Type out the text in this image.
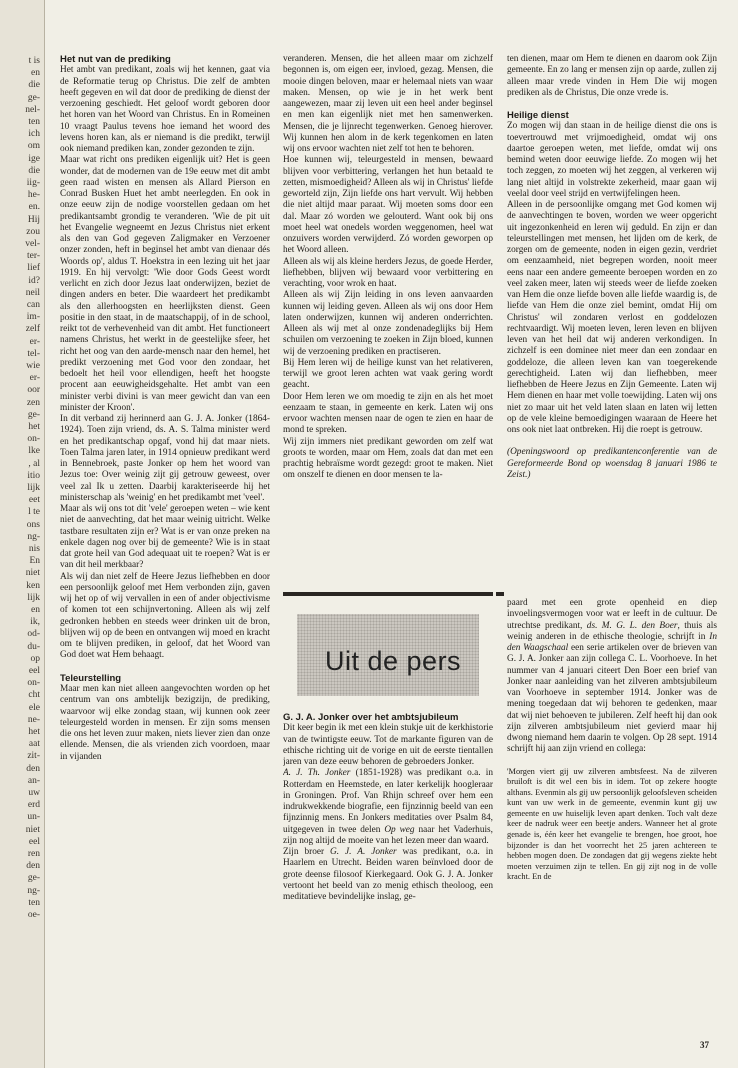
t is
en
die
ge-
nel-
ten
ich
om
ige
die
iig-
he-
en.
Hij
zou
vel-
ter-
lief
id?
neil
can
im-
zelf
er-
tel-
wie
er-
oor
zen
ge-
het
on-
lke
, al
itio
lijk
eet
l te
ons
ng-
nis
En
niet
ken
lijk
en
ik,
od-
du-
op
eel
on-
cht
ele
ne-
het
aat
zit-
den
an-
uw
erd
un-
niet
eel
ren
den
ge-
ng-
ten
oe-
Het nut van de prediking

Het ambt van predikant, zoals wij het kennen, gaat via de Reformatie terug op Christus. Die zelf de ambten heeft gegeven en wil dat door de prediking de dienst der verzoening geschiedt. Het geloof wordt geboren door het horen van het Woord van Christus. En in Romeinen 10 vraagt Paulus tevens hoe iemand het woord des levens horen kan, als er niemand is die predikt, terwijl ook niemand prediken kan, zonder gezonden te zijn.

Maar wat richt ons prediken eigenlijk uit? Het is geen wonder, dat de modernen van de 19e eeuw met dit ambt geen raad wisten en mensen als Allard Pierson en Conrad Busken Huet het ambt neerlegden. En ook in onze eeuw zijn de nodige voorstellen gedaan om het predikantsambt grondig te veranderen. 'Wie de pit uit het Evangelie wegneemt en Jezus Christus niet erkent als den van God gegeven Zaligmaker en Verzoener onzer zonden, heft in beginsel het ambt van dienaar dés Woords op', aldus T. Hoekstra in een lezing uit het jaar 1919. En hij vervolgt: 'Wie door Gods Geest wordt verlicht en zich door Jezus laat onderwijzen, beziet de dingen anders en beter. Die waardeert het predikambt als den allerhoogsten en heerlijksten dienst. Geen positie in den staat, in de maatschappij, of in de school, reikt tot de verhevenheid van dit ambt. Het functioneert namens Christus, het werkt in de geestelijke sfeer, het richt het oog van den aarde-mensch naar den hemel, het predikt verzoening met God voor den zondaar, het bedoelt het heil voor ellendigen, heeft het hoogste procent aan eeuwigheidsgehalte. Het ambt van een minister verbi divini is van meer gewicht dan van een minister der Kroon'.

In dit verband zij herinnerd aan G. J. A. Jonker (1864-1924). Toen zijn vriend, ds. A. S. Talma minister werd en het predikantschap opgaf, vond hij dat maar niets. Toen Talma jaren later, in 1914 opnieuw predikant werd in Bennebroek, paste Jonker op hem het woord van Jezus toe: Over weinig zijt gij getrouw geweest, over veel zal Ik u zetten. Daarbij karakteriseerde hij het ministerschap als 'weinig' en het predikambt met 'veel'.

Maar als wij ons tot dit 'vele' geroepen weten – wie kent niet de aanvechting, dat het maar weinig uitricht. Welke tastbare resultaten zijn er? Wat is er van onze preken na enkele dagen nog over bij de gemeente? Wie is in staat dat grote heil van God adequaat uit te roepen? Wat is er van dit heil merkbaar?

Als wij dan niet zelf de Heere Jezus liefhebben en door een persoonlijk geloof met Hem verbonden zijn, gaven wij het op of wij vervallen in een of ander objectivisme of komen tot een schijnvertoning. Alleen als wij zelf gedronken hebben en steeds weer drinken uit de bron, blijven wij op de been en ontvangen wij moed en kracht om te blijven prediken, in geloof, dat het Woord van God doet wat Hem behaagt.

Teleurstelling

Maar men kan niet alleen aangevochten worden op het centrum van ons ambtelijk bezigzijn, de prediking, waarvoor wij elke zondag staan, wij kunnen ook zeer teleurgesteld worden in mensen. Er zijn soms mensen die ons het leven zuur maken, niets liever zien dan onze ellende. Mensen, die als vrienden zich voordoen, maar in vijanden

veranderen. Mensen, die het alleen maar om zichzelf begonnen is, om eigen eer, invloed, gezag. Mensen, die mooie dingen beloven, maar er helemaal niets van waar maken. Mensen, op wie je in het werk bent aangewezen, maar zij leven uit een heel ander beginsel en men kan eigenlijk niet met hen samenwerken. Mensen, die je lijnrecht tegenwerken. Genoeg hierover. Wij kunnen hen alom in de kerk tegenkomen en laten wij ons ervoor wachten niet zelf tot hen te behoren.

Hoe kunnen wij, teleurgesteld in mensen, bewaard blijven voor verbittering, verlangen het hun betaald te zetten, mismoedigheid? Alleen als wij in Christus' liefde geworteld zijn, Zijn liefde ons hart vervult. Wij hebben die niet altijd maar paraat. Wij moeten soms door een dal. Maar zó worden we gelouterd. Want ook bij ons moet heel wat onedels worden weggenomen, heel wat onzuivers worden verwijderd. Zó worden geworpen op het Woord alleen.

Alleen als wij als kleine herders Jezus, de goede Herder, liefhebben, blijven wij bewaard voor verbittering en verachting, voor wrok en haat.

Alleen als wij Zijn leiding in ons leven aanvaarden kunnen wij leiding geven. Alleen als wij ons door Hem laten onderwijzen, kunnen wij anderen onderrichten. Alleen als wij met al onze zondenadeglijks bij Hem schuilen om verzoening te zoeken in Zijn bloed, kunnen wij de verzoening prediken en practiseren.

Bij Hem leren wij de heilige kunst van het relativeren, terwijl we groot leren achten wat vaak gering wordt geacht.

Door Hem leren we om moedig te zijn en als het moet eenzaam te staan, in gemeente en kerk. Laten wij ons ervoor wachten mensen naar de ogen te zien en haar de mond te spreken.

Wij zijn immers niet predikant geworden om zelf wat groots te worden, maar om Hem, zoals dat dan met een prachtig hebraïsme wordt gezegd: groot te maken. Niet om onszelf te dienen en door mensen te la-

ten dienen, maar om Hem te dienen en daarom ook Zijn gemeente. En zo lang er mensen zijn op aarde, zullen zij alleen maar vrede vinden in Hem Die wij mogen prediken als de Christus, Die onze vrede is.

Heilige dienst

Zo mogen wij dan staan in de heilige dienst die ons is toevertrouwd met vrijmoedigheid, omdat wij ons daartoe geroepen weten, met liefde, omdat wij ons bemind weten door eeuwige liefde. Zo mogen wij het toch zeggen, zo moeten wij het zeggen, al verkeren wij lang niet altijd in volstrekte zekerheid, maar gaan wij veelal door veel strijd en vertwijfelingen heen.

Alleen in de persoonlijke omgang met God komen wij de aanvechtingen te boven, worden we weer opgericht uit ingezonkenheid en leren wij geduld. En zijn er dan teleurstellingen met mensen, het lijden om de kerk, de zorgen om de gemeente, noden in eigen gezin, verdriet om eenzaamheid, niet begrepen worden, nooit meer eens naar een andere gemeente beroepen worden en zo veel zaken meer, laten wij steeds weer de liefde zoeken van Hem die onze liefde boven alle liefde waardig is, de liefde van Hem die onze ziel bemint, omdat Hij om Christus' wil zondaren verlost en goddelozen rechtvaardigt. Wij moeten leven, leren leven en blijven leven van het heil dat wij anderen verkondigen. In zichzelf is een domineе niet meer dan een zondaar en goddeloze, die alleen leven kan van toegerekende gerechtigheid. Laten wij dan liefhebben, meer liefhebben de Heere Jezus en Zijn Gemeente. Laten wij Hem dienen en haar met volle toewijding. Laten wij ons niet zo maar uit het veld laten slaan en laten wij letten op de vele kleine bemoedigingen waaraan de Heere het ons ook niet laat ontbreken. Hij die roept is getrouw.

(Openingswoord op predikantenconferentie van de Gereformeerde Bond op woensdag 8 januari 1986 te Zeist.)

Uit de pers
G. J. A. Jonker over het ambtsjubileum

Dit keer begin ik met een klein stukje uit de kerkhistorie van de twintigste eeuw. Tot de markante figuren van de ethische richting uit de vorige en uit de eerste tientallen jaren van deze eeuw behoren de gebroeders Jonker.

A. J. Th. Jonker (1851-1928) was predikant o.a. in Rotterdam en Heemstede, en later kerkelijk hoogleraar in Groningen. Prof. Van Rhijn schreef over hem een indrukwekkende biografie, een fijnzinnig beeld van een fijnzinnig mens. En Jonkers meditaties over Psalm 84, uitgegeven in twee delen Op weg naar het Vaderhuis, zijn nog altijd de moeite van het lezen meer dan waard.

Zijn broer G. J. A. Jonker was predikant, o.a. in Haarlem en Utrecht. Beiden waren beïnvloed door de grote deense filosoof Kierkegaard. Ook G. J. A. Jonker vertoont het beeld van zo menig ethisch theoloog, een meditatieve bevindelijke inslag, ge-

paard met een grote openheid en diep invoelingsvermogen voor wat er leeft in de cultuur. De utrechtse predikant, ds. M. G. L. den Boer, thuis als weinig anderen in de ethische theologie, schrijft in In den Waagschaal een serie artikelen over de brieven van G. J. A. Jonker aan zijn collega C. L. Voorhoeve. In het nummer van 4 januari citeert Den Boer een brief van Jonker naar aanleiding van het zilveren ambtsjubileum van Voorhoeve in september 1914. Jonker was de mening toegedaan dat wij behoren te gedenken, maar dat wij niet behoeven te jubileren. Zelf heeft hij dan ook zijn zilveren ambtsjubileum niet gevierd maar hij dwong niemand hem daarin te volgen. Op 28 sept. 1914 schrijft hij aan zijn vriend en collega:

'Morgen viert gij uw zilveren ambtsfeest. Na de zilveren bruiloft is dit wel een bis in idem. Tot op zekere hoogte althans. Evenmin als gij uw persoonlijk geloofsleven scheiden kunt van uw werk in de gemeente, evenmin kunt gij uw gemeente en uw huiselijk leven apart denken. Toch valt deze keer de nadruk weer een beetje anders. Wanneer het al grote genade is, één keer het evangelie te brengen, hoe groot, hoe bijzonder is dan het voorrecht het 25 jaren achtereen te hebben mogen doen. De zondagen dat gij wegens ziekte hebt moeten verzuimen zijn te tellen. En gij zijt nog in de volle kracht. En de

37
